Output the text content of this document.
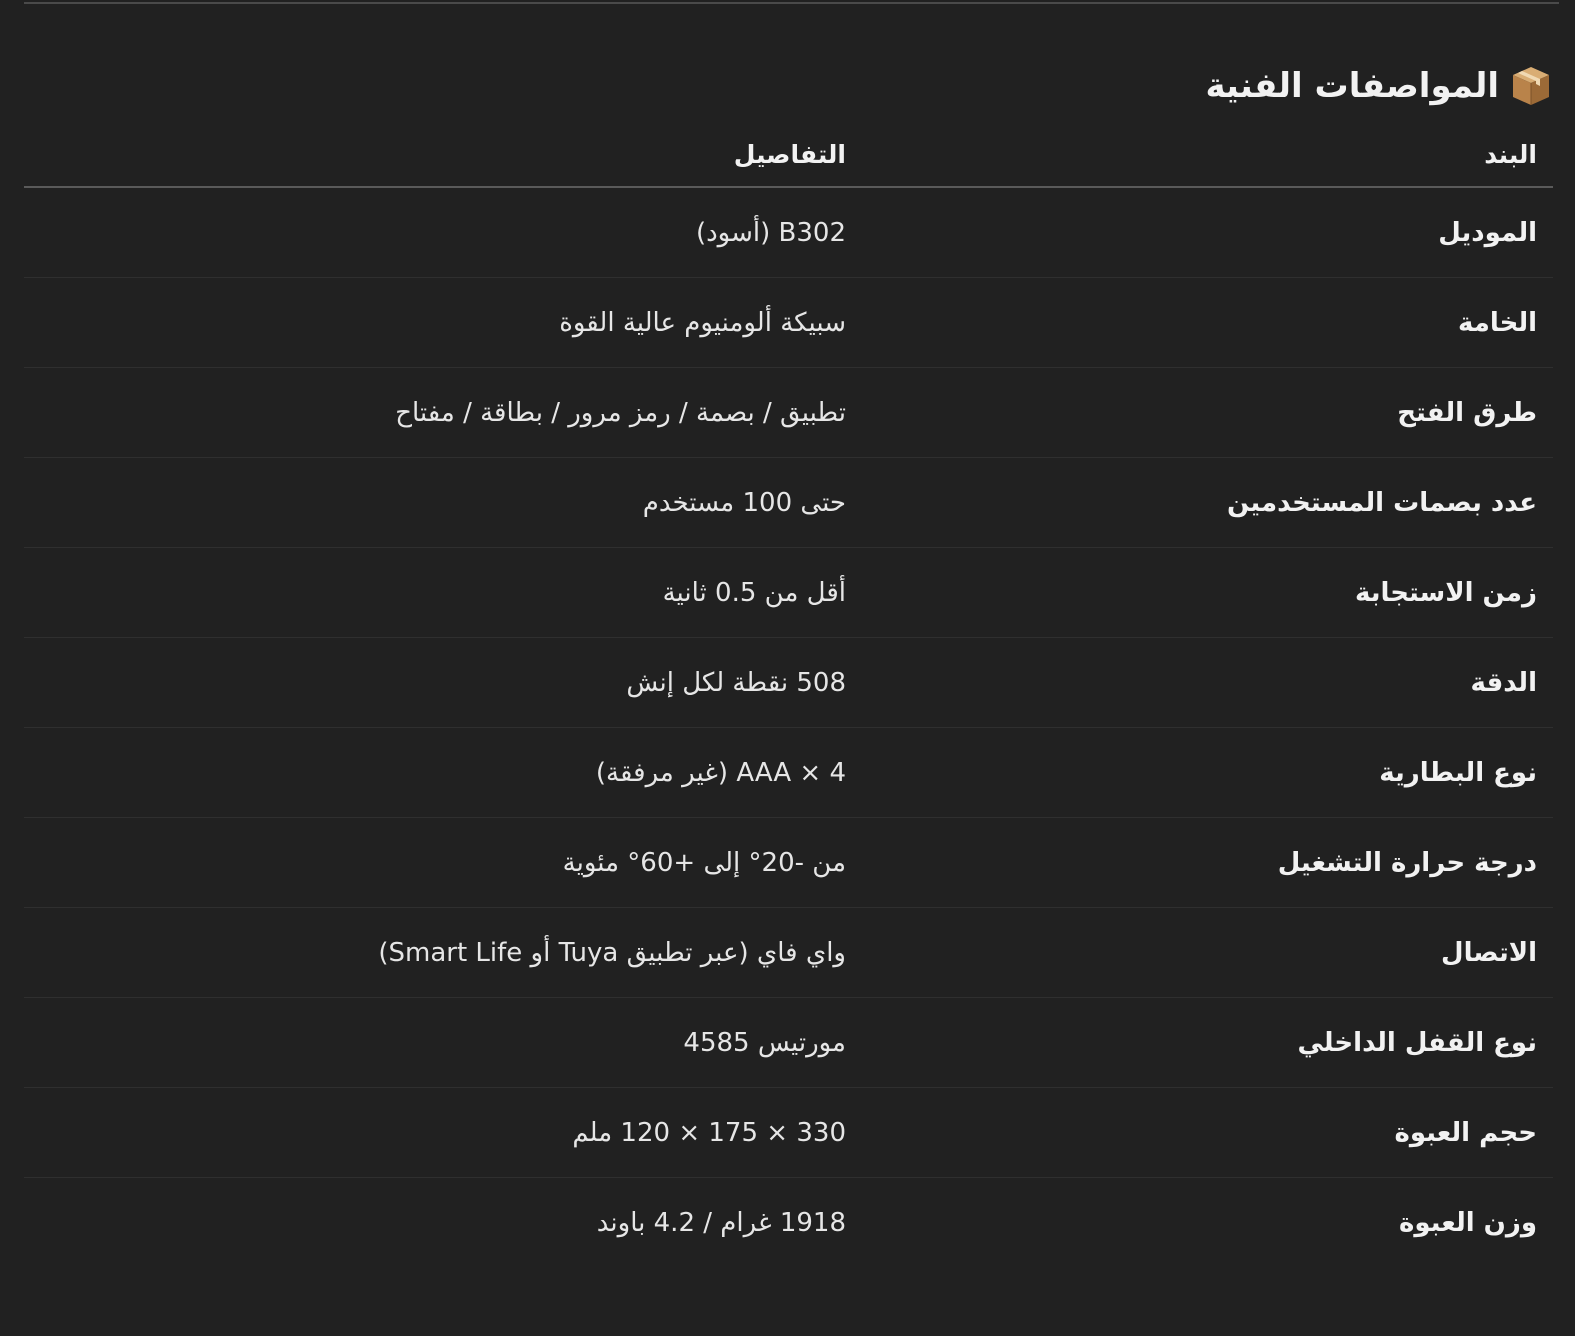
المواصفات الفنية
البند	التفاصيل
الموديل	B302 (أسود)
الخامة	سبيكة ألومنيوم عالية القوة
طرق الفتح	تطبيق / بصمة / رمز مرور / بطاقة / مفتاح
عدد بصمات المستخدمين	حتى 100 مستخدم
زمن الاستجابة	أقل من 0.5 ثانية
الدقة	508 نقطة لكل إنش
نوع البطارية	4 × AAA (غير مرفقة)
درجة حرارة التشغيل	من -20° إلى +60° مئوية
الاتصال	واي فاي (عبر تطبيق Tuya أو Smart Life)
نوع القفل الداخلي	مورتيس 4585
حجم العبوة	330 × 175 × 120 ملم
وزن العبوة	1918 غرام / 4.2 باوند
